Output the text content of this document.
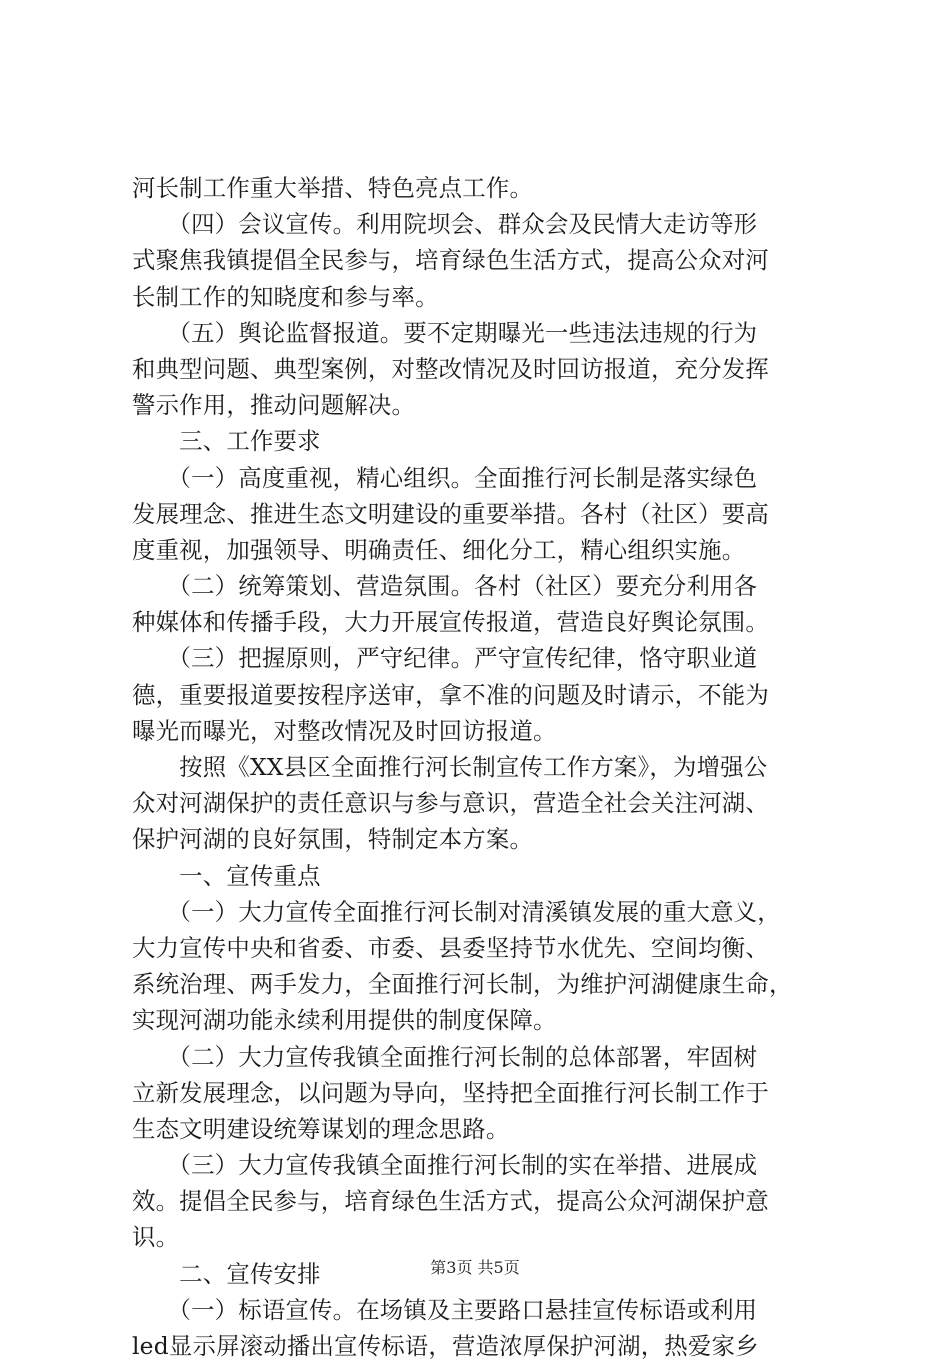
河长制工作重大举措、特色亮点工作。
　　（四）会议宣传。利用院坝会、群众会及民情大走访等形
式聚焦我镇提倡全民参与，培育绿色生活方式，提高公众对河
长制工作的知晓度和参与率。
　　（五）舆论监督报道。要不定期曝光一些违法违规的行为
和典型问题、典型案例，对整改情况及时回访报道，充分发挥
警示作用，推动问题解决。
　　三、工作要求
　　（一）高度重视，精心组织。全面推行河长制是落实绿色
发展理念、推进生态文明建设的重要举措。各村（社区）要高
度重视，加强领导、明确责任、细化分工，精心组织实施。
　　（二）统筹策划、营造氛围。各村（社区）要充分利用各
种媒体和传播手段，大力开展宣传报道，营造良好舆论氛围。
　　（三）把握原则，严守纪律。严守宣传纪律，恪守职业道
德，重要报道要按程序送审，拿不准的问题及时请示，不能为
曝光而曝光，对整改情况及时回访报道。
　　按照《XX县区全面推行河长制宣传工作方案》，为增强公
众对河湖保护的责任意识与参与意识，营造全社会关注河湖、
保护河湖的良好氛围，特制定本方案。
　　一、宣传重点
　　（一）大力宣传全面推行河长制对清溪镇发展的重大意义，
大力宣传中央和省委、市委、县委坚持节水优先、空间均衡、
系统治理、两手发力，全面推行河长制，为维护河湖健康生命，
实现河湖功能永续利用提供的制度保障。
　　（二）大力宣传我镇全面推行河长制的总体部署，牢固树
立新发展理念，以问题为导向，坚持把全面推行河长制工作于
生态文明建设统筹谋划的理念思路。
　　（三）大力宣传我镇全面推行河长制的实在举措、进展成
效。提倡全民参与，培育绿色生活方式，提高公众河湖保护意
识。
　　二、宣传安排
　　（一）标语宣传。在场镇及主要路口悬挂宣传标语或利用
led显示屏滚动播出宣传标语，营造浓厚保护河湖，热爱家乡
第3页 共5页
